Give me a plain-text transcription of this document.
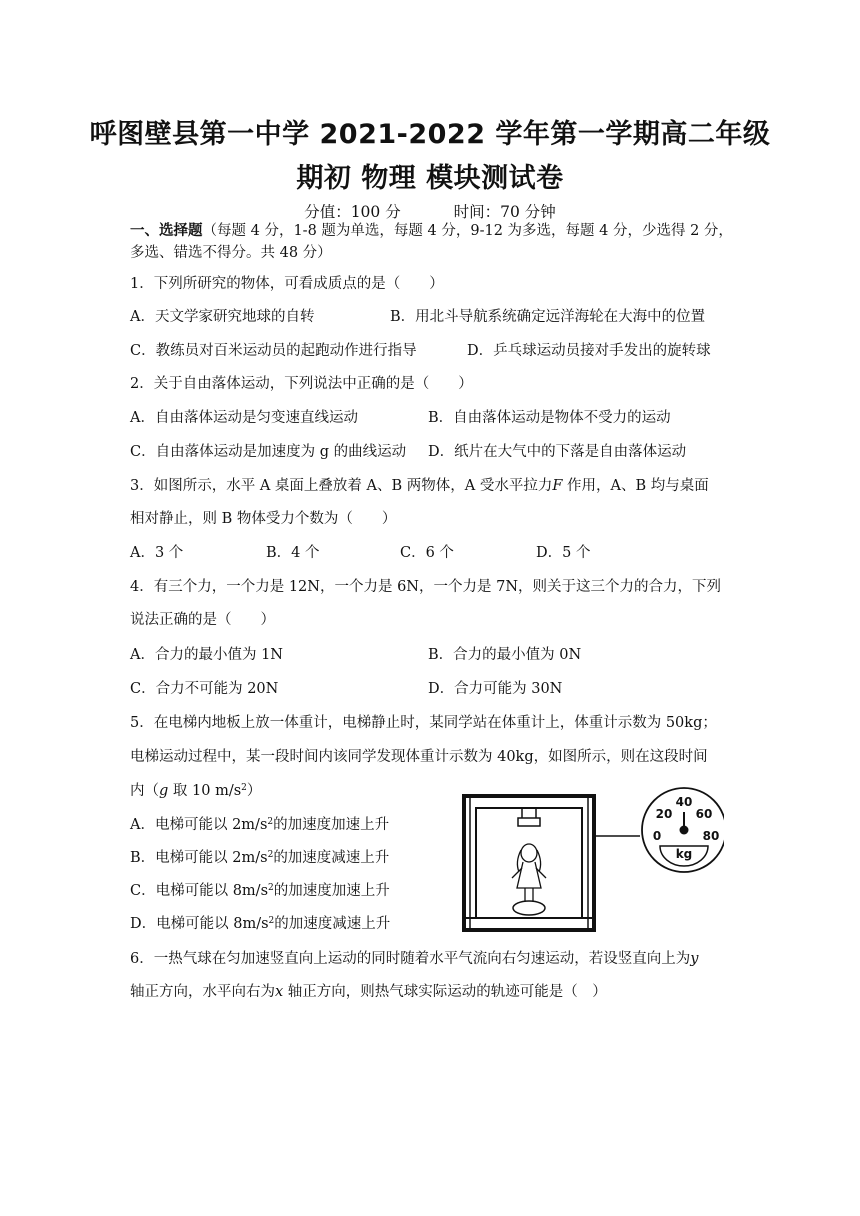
呼图壁县第一中学 2021-2022 学年第一学期高二年级
期初 物理 模块测试卷
分值：100 分	时间：70 分钟
一、选择题（每题 4 分，1-8 题为单选，每题 4 分，9-12 为多选，每题 4 分，少选得 2 分，
多选、错选不得分。共 48 分）
1．下列所研究的物体，可看成质点的是（　　）
A．天文学家研究地球的自转	B．用北斗导航系统确定远洋海轮在大海中的位置
C．教练员对百米运动员的起跑动作进行指导	D．乒乓球运动员接对手发出的旋转球
2．关于自由落体运动，下列说法中正确的是（　　）
A．自由落体运动是匀变速直线运动	B．自由落体运动是物体不受力的运动
C．自由落体运动是加速度为 g 的曲线运动 D．纸片在大气中的下落是自由落体运动
3．如图所示，水平 A 桌面上叠放着 A、B 两物体，A 受水平拉力F 作用，A、B 均与桌面
相对静止，则 B 物体受力个数为（　　）
A．3 个	B．4 个	C．6 个	D．5 个
4．有三个力，一个力是 12N，一个力是 6N，一个力是 7N，则关于这三个力的合力，下列
说法正确的是（　　）
A．合力的最小值为 1N	B．合力的最小值为 0N
C．合力不可能为 20N	D．合力可能为 30N
5．在电梯内地板上放一体重计，电梯静止时，某同学站在体重计上，体重计示数为 50kg；
电梯运动过程中，某一段时间内该同学发现体重计示数为 40kg，如图所示，则在这段时间
内（g 取 10 $m/s^2$）
A．电梯可能以 $2m/s^2$的加速度加速上升
B．电梯可能以 $2m/s^2$的加速度减速上升
C．电梯可能以 $8m/s^2$的加速度加速上升
D．电梯可能以 $8m/s^2$的加速度减速上升
0
20
40
60
80
kg
6．一热气球在匀加速竖直向上运动的同时随着水平气流向右匀速运动，若设竖直向上为y
轴正方向，水平向右为x 轴正方向，则热气球实际运动的轨迹可能是（　）
